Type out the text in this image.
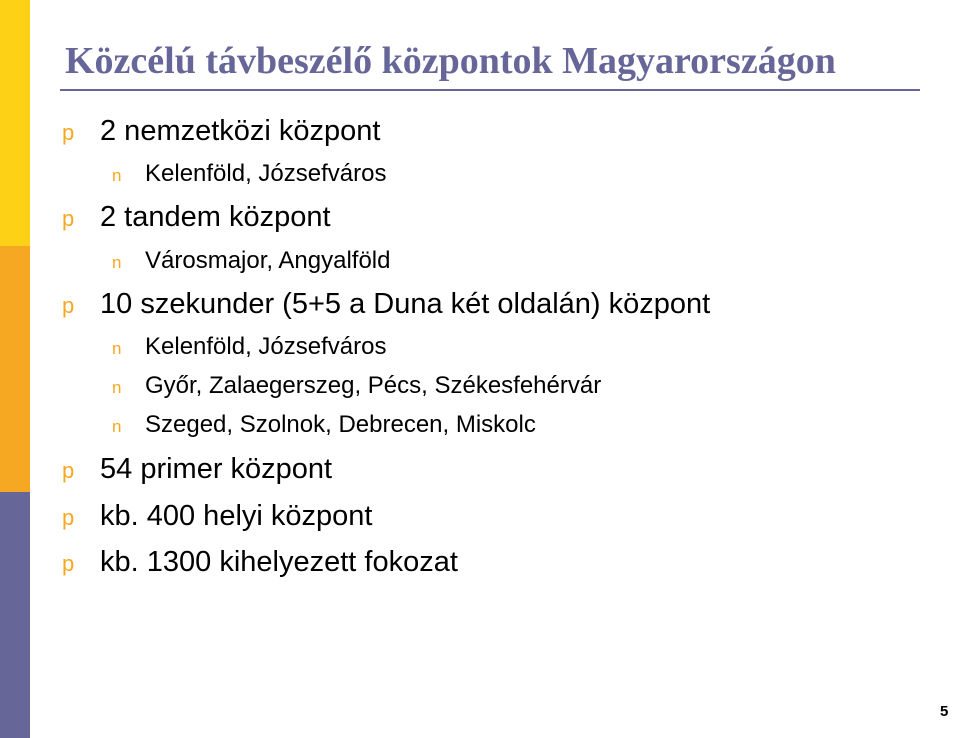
Közcélú távbeszélő központok Magyarországon
p 2 nemzetközi központ
n Kelenföld, Józsefváros
p 2 tandem központ
n Városmajor, Angyalföld
p 10 szekunder (5+5 a Duna két oldalán) központ
n Kelenföld, Józsefváros
n Győr, Zalaegerszeg, Pécs, Székesfehérvár
n Szeged, Szolnok, Debrecen, Miskolc
p 54 primer központ
p kb. 400 helyi központ
p kb. 1300 kihelyezett fokozat
5
